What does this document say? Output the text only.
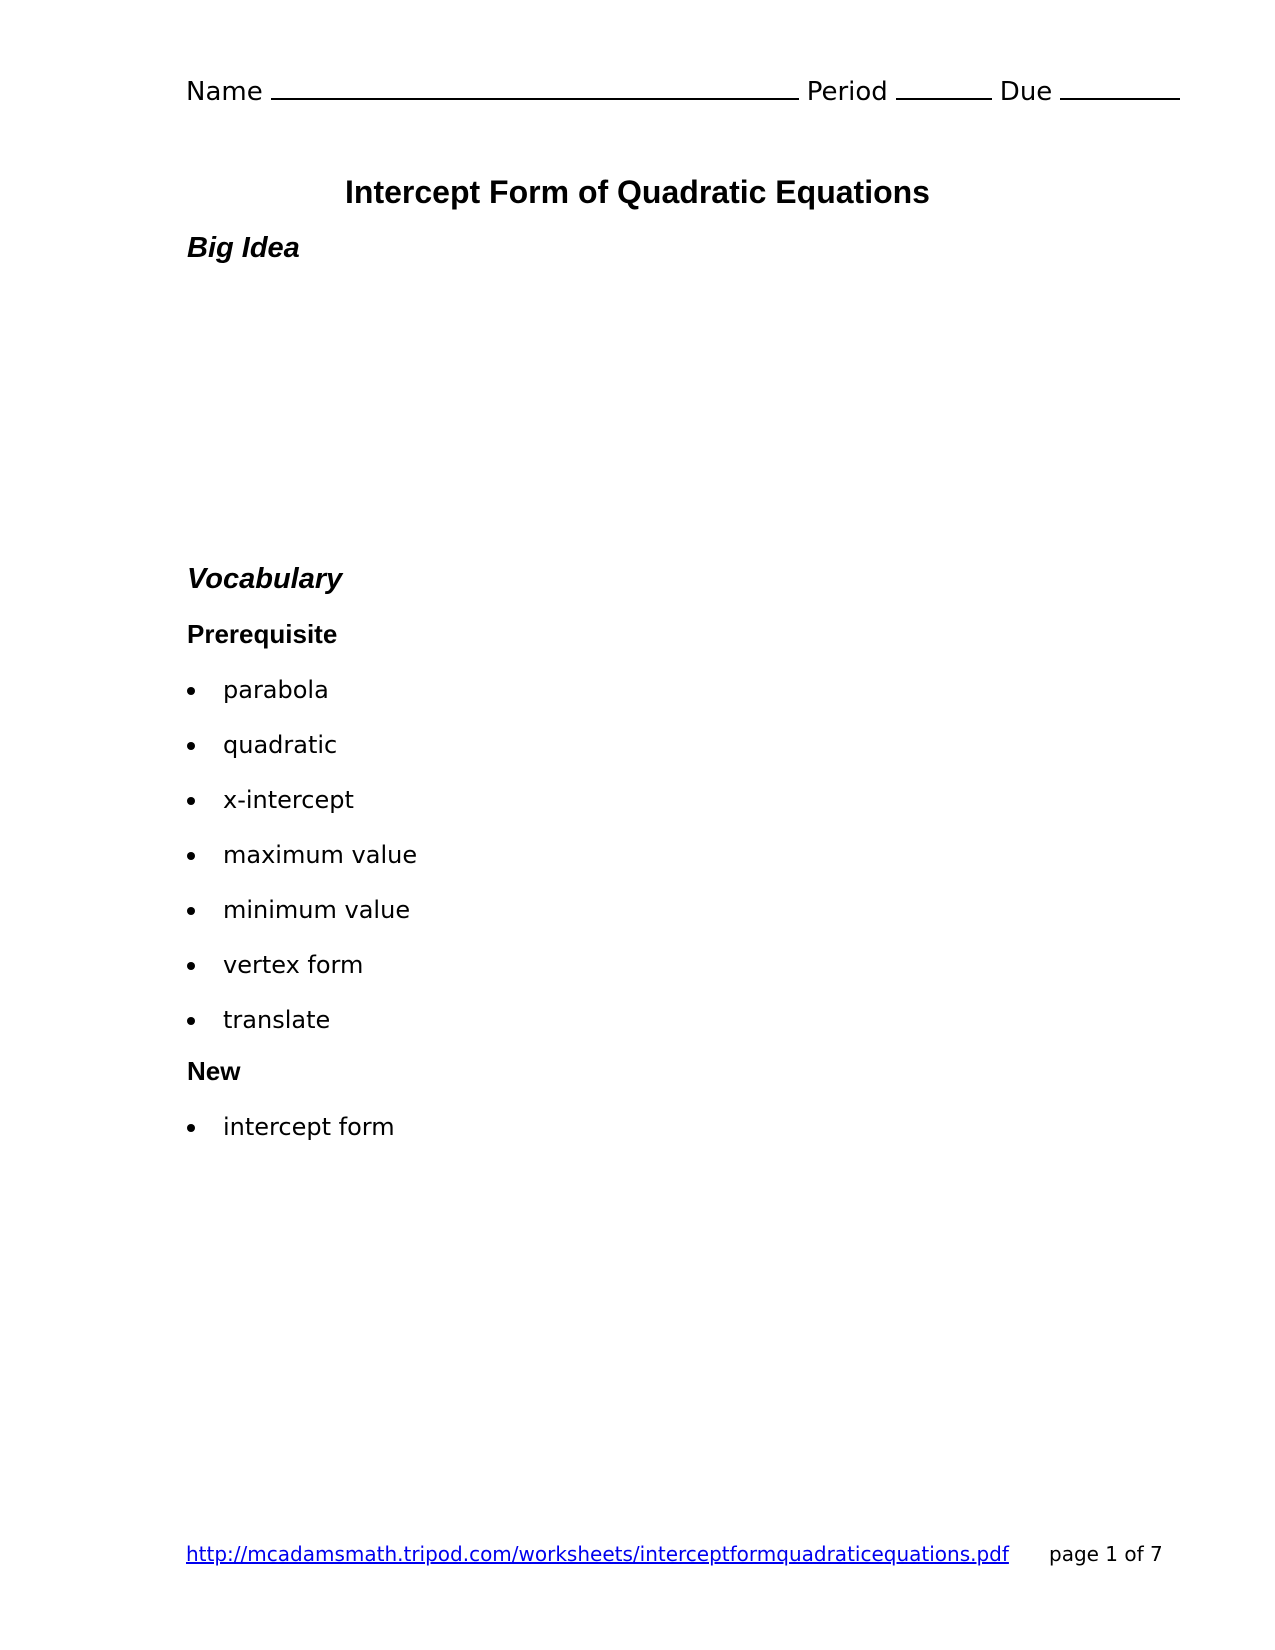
Name	Period	Due
Intercept Form of Quadratic Equations
Big Idea
Vocabulary
Prerequisite
parabola
quadratic
x-intercept
maximum value
minimum value
vertex form
translate
New
intercept form
http://mcadamsmath.tripod.com/worksheets/interceptformquadraticequations.pdf page 1 of 7
